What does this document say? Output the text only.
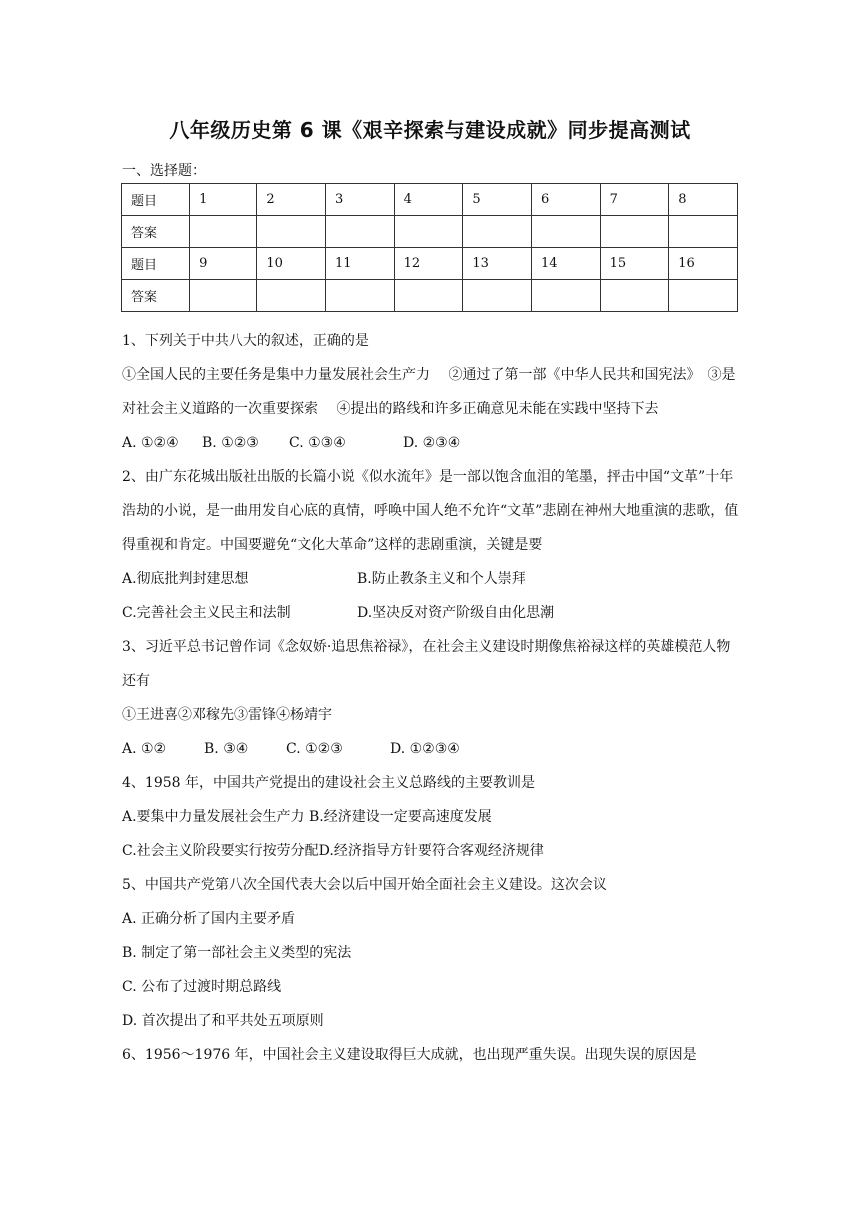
八年级历史第 6 课《艰辛探索与建设成就》同步提高测试
一、选择题：
题目	1	2	3	4	5	6	7	8
答案								
题目	9	10	11	12	13	14	15	16
答案								
1、下列关于中共八大的叙述，正确的是
①全国人民的主要任务是集中力量发展社会生产力　 ②通过了第一部《中华人民共和国宪法》　③是对社会主义道路的一次重要探索　 ④提出的路线和许多正确意见未能在实践中坚持下去
A. ①②④ B. ①②③ C. ①③④	D. ②③④
2、由广东花城出版社出版的长篇小说《似水流年》是一部以饱含血泪的笔墨，抨击中国“文革”十年浩劫的小说，是一曲用发自心底的真情，呼唤中国人绝不允许“文革”悲剧在神州大地重演的悲歌，值得重视和肯定。中国要避免“文化大革命”这样的悲剧重演，关键是要
A.彻底批判封建思想	B.防止教条主义和个人崇拜
C.完善社会主义民主和法制	D.坚决反对资产阶级自由化思潮
3、习近平总书记曾作词《念奴娇·追思焦裕禄》，在社会主义建设时期像焦裕禄这样的英雄模范人物还有
①王进喜②邓稼先③雷锋④杨靖宇
A. ①②	B. ③④	C. ①②③	D. ①②③④
4、1958 年，中国共产党提出的建设社会主义总路线的主要教训是
A.要集中力量发展社会生产力 B.经济建设一定要高速度发展
C.社会主义阶段要实行按劳分配D.经济指导方针要符合客观经济规律
5、中国共产党第八次全国代表大会以后中国开始全面社会主义建设。这次会议
A. 正确分析了国内主要矛盾
B. 制定了第一部社会主义类型的宪法
C. 公布了过渡时期总路线
D. 首次提出了和平共处五项原则
6、1956～1976 年，中国社会主义建设取得巨大成就，也出现严重失误。出现失误的原因是
